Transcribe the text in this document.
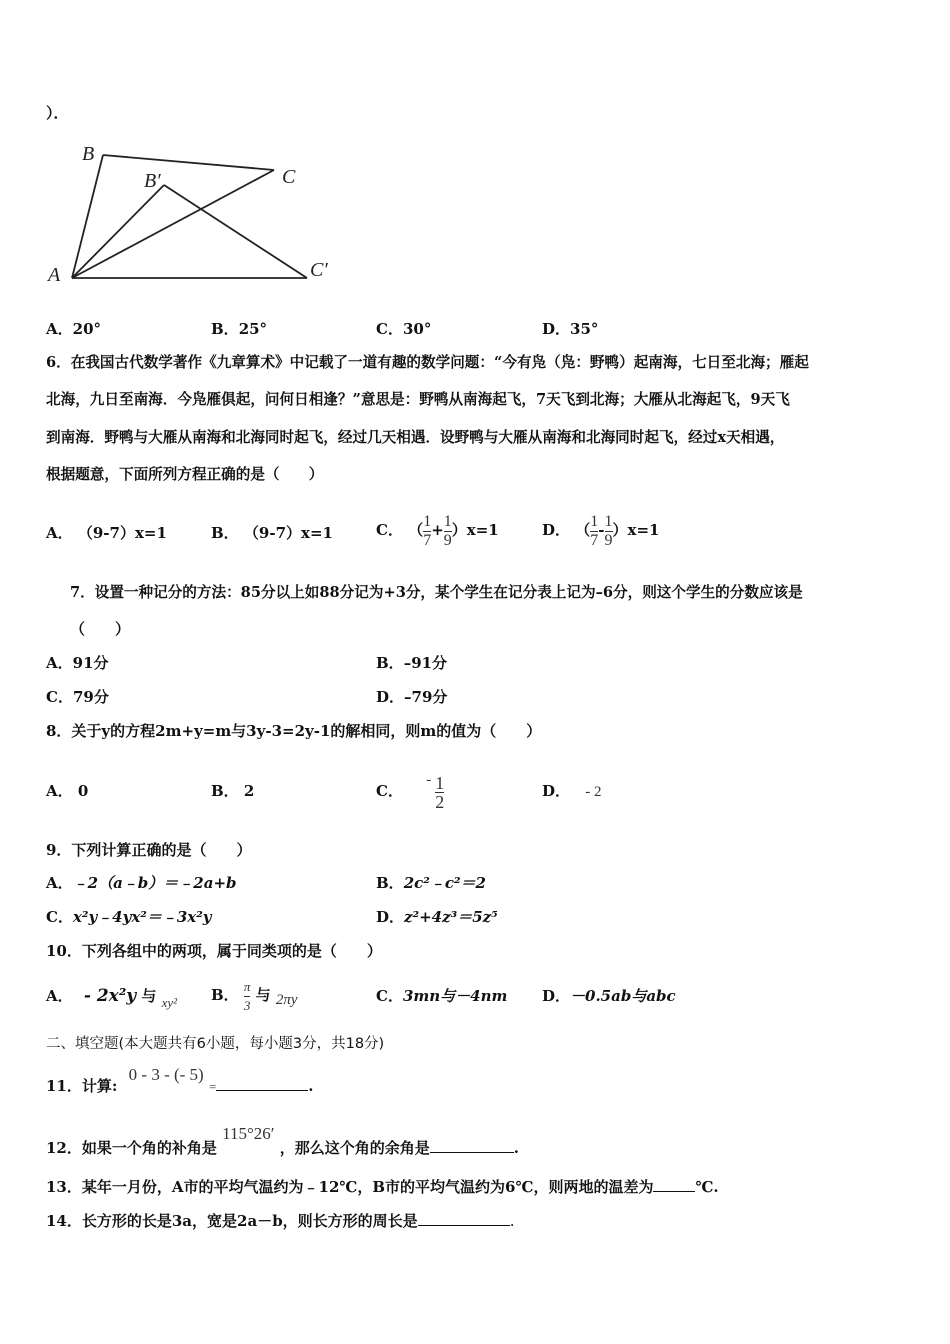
）．
B
B′	C
A	C′
A．20°	B．25°	C．30°	D．35°
6．在我国古代数学著作《九章算术》中记载了一道有趣的数学问题：“今有凫（凫：野鸭）起南海，七日至北海；雁起
北海，九日至南海．今凫雁俱起，问何日相逢？”意思是：野鸭从南海起飞，7天飞到北海；大雁从北海起飞，9天飞
到南海．野鸭与大雁从南海和北海同时起飞，经过几天相遇．设野鸭与大雁从南海和北海同时起飞，经过x天相遇，
根据题意，下面所列方程正确的是（　　）
A． （9-7）x=1	B． （9-7）x=1	C． （ $\frac{1}{7} + \frac{1}{9} )x=1$	D． （ $\frac{1}{7} - \frac{1}{9} )x=1$
7．设置一种记分的方法：85分以上如88分记为+3分，某个学生在记分表上记为–6分，则这个学生的分数应该是
（　　）
A．91分	B．–91分
C．79分	D．–79分
8．关于y的方程2m+y=m与3y-3=2y-1的解相同，则m的值为（　　）
A． 0	B． 2	C． - $\frac{1}{2}$	D． - 2
9．下列计算正确的是（　　）
A．﹣2（a﹣b）＝﹣2a+b	B．2c²﹣c²＝2
C．x²y﹣4yx²＝﹣3x²y	D．z²+4z³＝5z⁵
10．下列各组中的两项，属于同类项的是（　　）
A． - 2x²y 与 xy² B． $\frac{\pi}{3}$ 与 2πy	C．3mn与－4nm D．－0.5ab与abc
二、填空题(本大题共有6小题，每小题3分，共18分)
11．计算: 0 - 3 - (- 5) =	.
12．如果一个角的补角是 115°26′ ，那么这个角的余角是	.
13．某年一月份，A市的平均气温约为﹣12℃，B市的平均气温约为6℃，则两地的温差为	℃.
14．长方形的长是3a，宽是2a－b，则长方形的周长是	.
